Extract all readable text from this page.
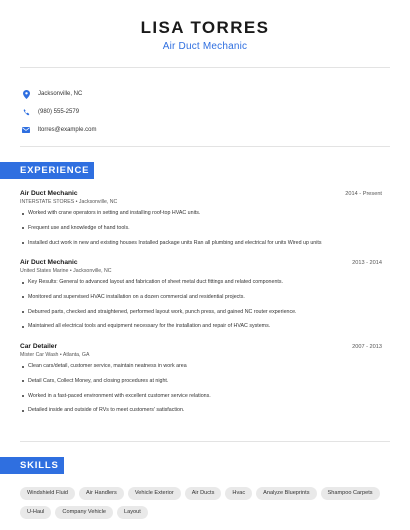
LISA TORRES
Air Duct Mechanic
Jacksonville, NC
(980) 555-2579
ltorres@example.com
EXPERIENCE
Air Duct Mechanic	2014 - Present
INTERSTATE STORES • Jacksonville, NC
Worked with crane operators in setting and installing roof-top HVAC units.
Frequent use and knowledge of hand tools.
Installed duct work in new and existing houses Installed package units Ran all plumbing and electrical for units Wired up units
Air Duct Mechanic	2013 - 2014
United States Marine • Jacksonville, NC
Key Results: General to advanced layout and fabrication of sheet metal duct fittings and related components.
Monitored and supervised HVAC installation on a dozen commercial and residential projects.
Deburred parts, checked and straightened, performed layout work, punch press, and gained NC router experience.
Maintained all electrical tools and equipment necessary for the installation and repair of HVAC systems.
Car Detailer	2007 - 2013
Mister Car Wash • Atlanta, GA
Clean cars/detail, customer service, maintain neatness in work area
Detail Cars, Collect Money, and closing procedures at night.
Worked in a fast-paced environment with excellent customer service relations.
Detailed inside and outside of RVs to meet customers' satisfaction.
SKILLS
Windshield Fluid	Air Handlers	Vehicle Exterior	Air Ducts	Hvac	Analyze Blueprints	Shampoo Carpets
U-Haul	Company Vehicle	Layout
